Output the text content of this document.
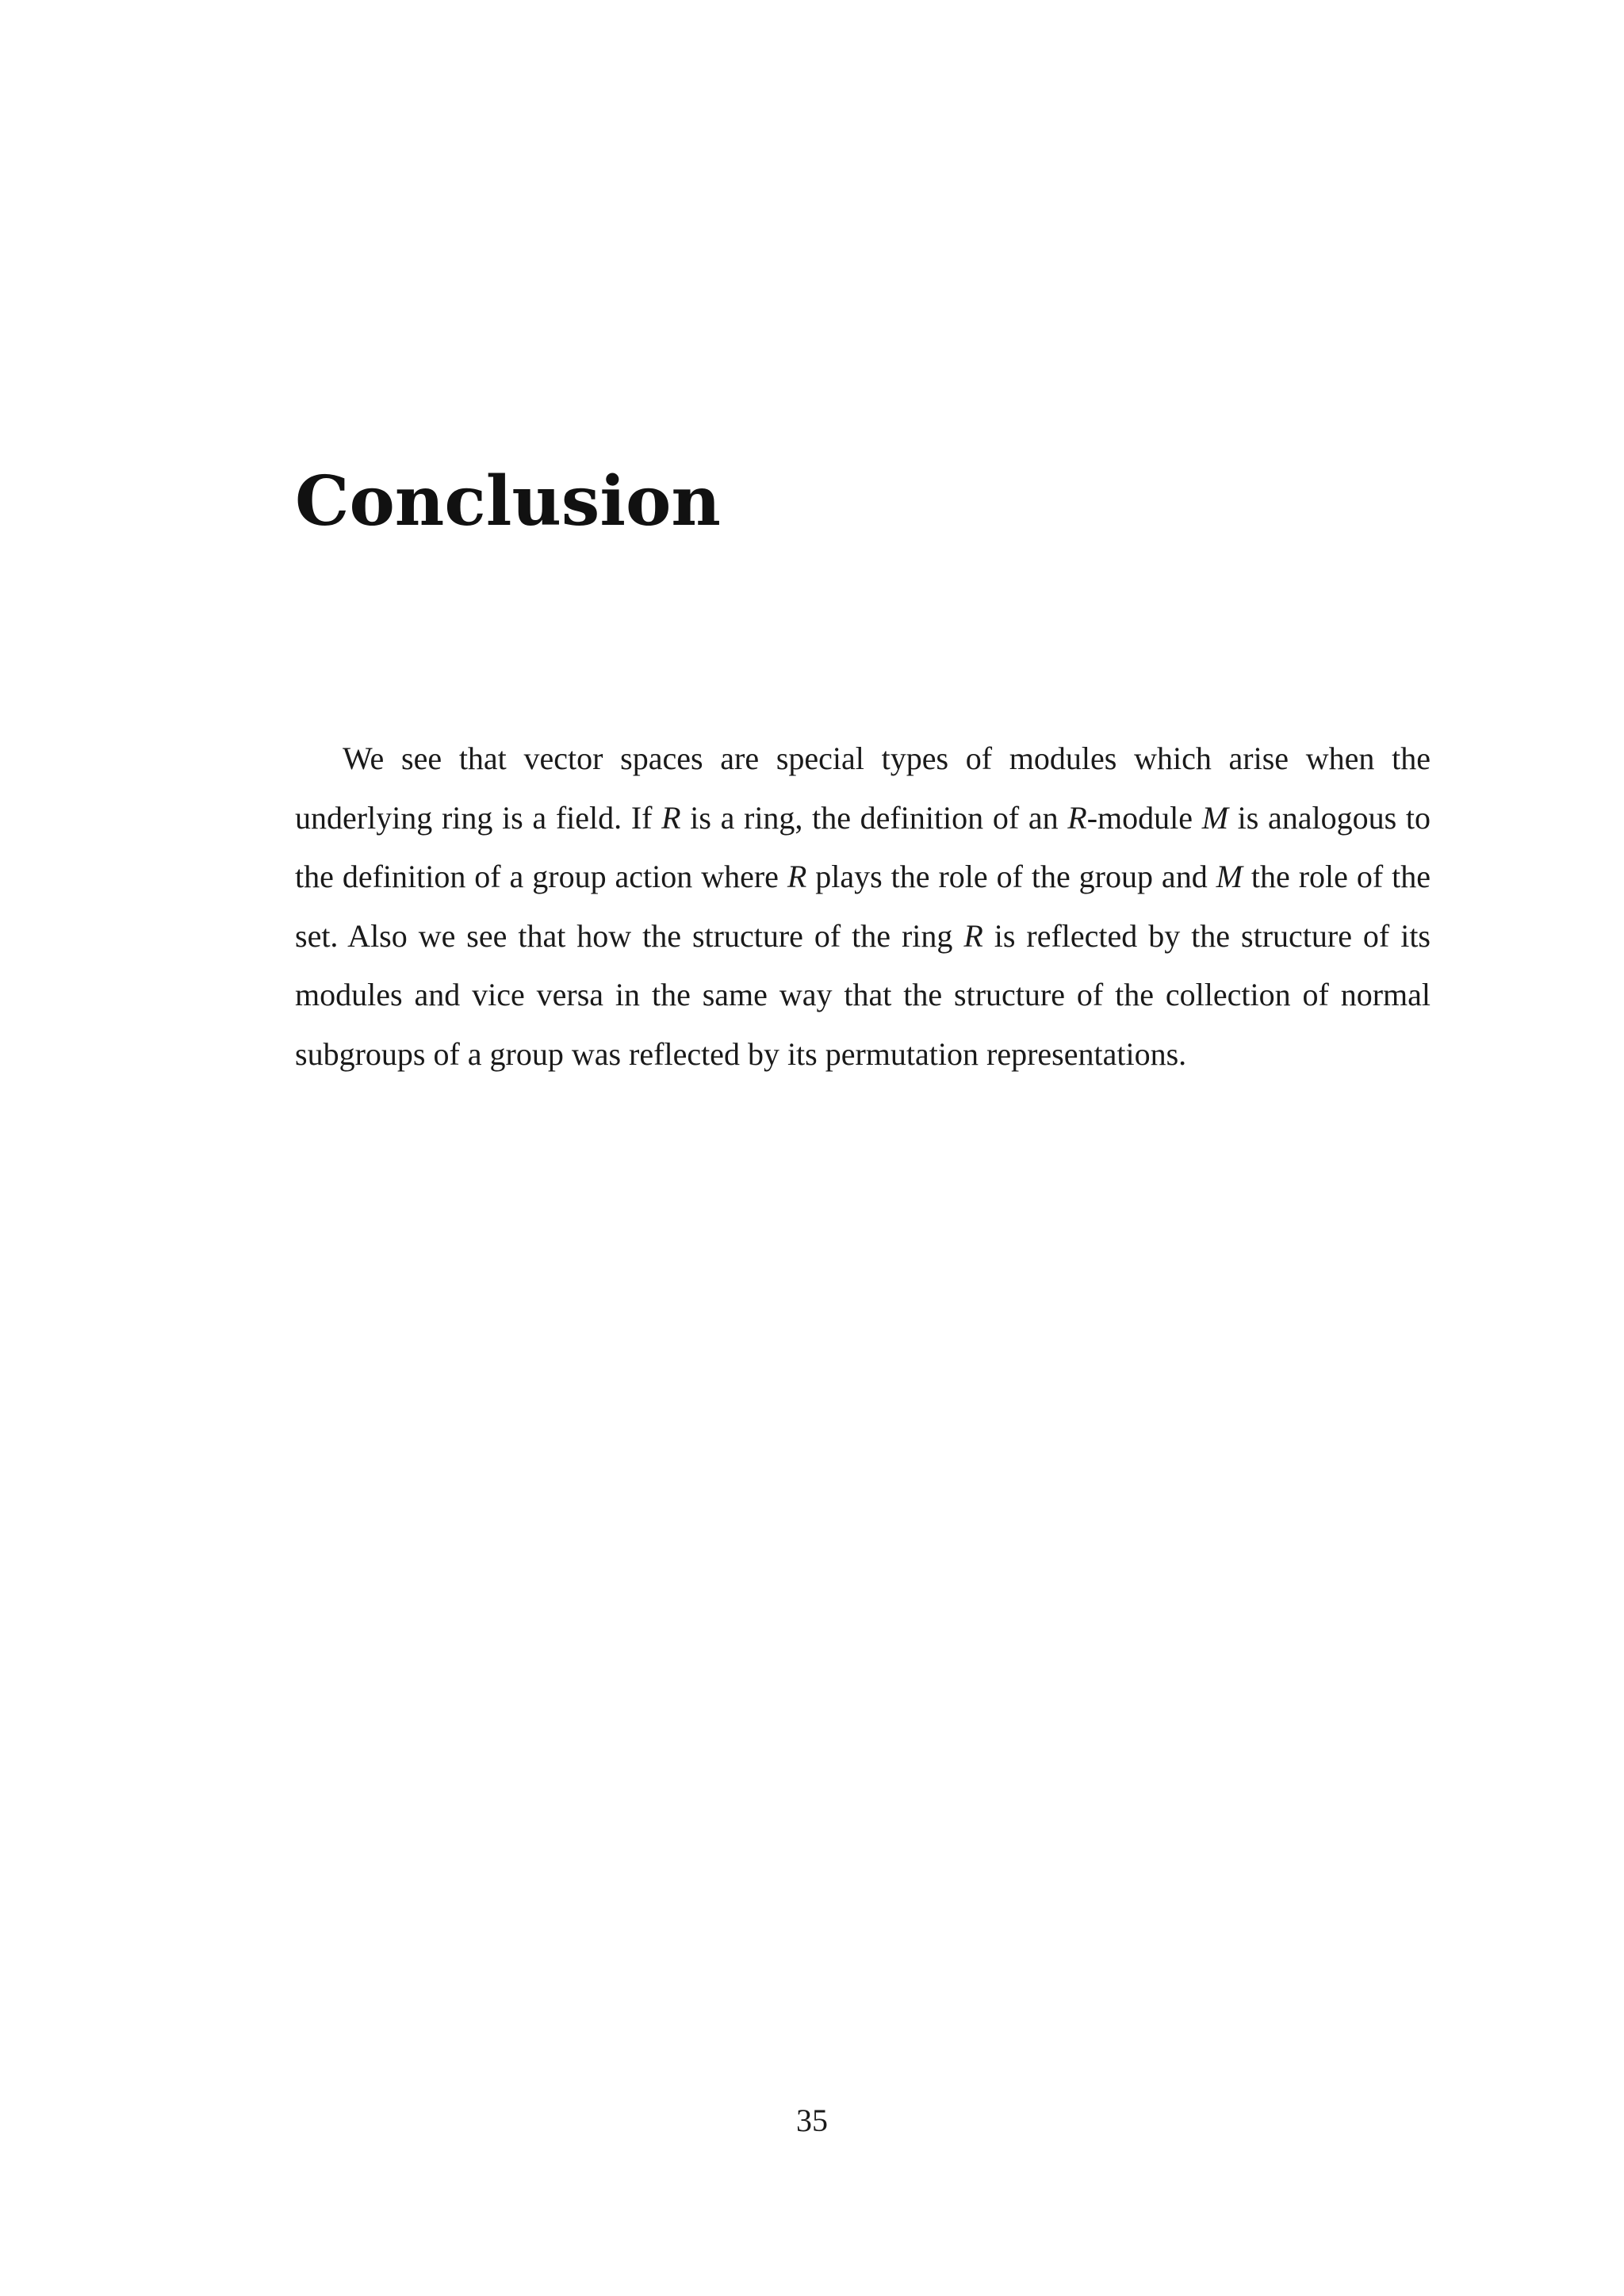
Conclusion

We see that vector spaces are special types of modules which arise when the underlying ring is a field. If R is a ring, the definition of an R-module M is analogous to the definition of a group action where R plays the role of the group and M the role of the set. Also we see that how the structure of the ring R is reflected by the structure of its modules and vice versa in the same way that the structure of the collection of normal subgroups of a group was reflected by its permutation representations.

35
